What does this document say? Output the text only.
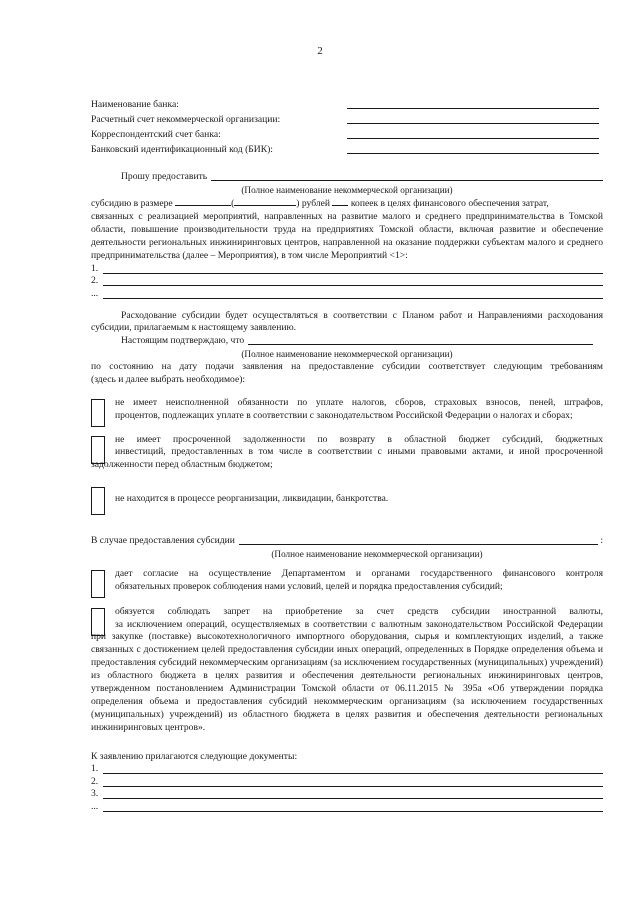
2
Наименование банка:
Расчетный счет некоммерческой организации:
Корреспондентский счет банка:
Банковский идентификационный код (БИК):
Прошу предоставить
(Полное наименование некоммерческой организации)
субсидию в размере	(	) рублей копеек в целях финансового обеспечения затрат,
связанных с реализацией мероприятий, направленных на развитие малого и среднего предпринимательства в Томской области, повышение производительности труда на предприятиях Томской области, включая развитие и обеспечение деятельности региональных инжиниринговых центров, направленной на оказание поддержки субъектам малого и среднего предпринимательства (далее – Мероприятия), в том числе Мероприятий <1>:
1.
2.
...
Расходование субсидии будет осуществляться в соответствии с Планом работ и Направлениями расходования субсидии, прилагаемым к настоящему заявлению.
Настоящим подтверждаю, что
(Полное наименование некоммерческой организации)
по состоянию на дату подачи заявления на предоставление субсидии соответствует следующим требованиям
(здесь и далее выбрать необходимое):
не имеет неисполненной обязанности по уплате налогов, сборов, страховых взносов, пеней, штрафов,
процентов, подлежащих уплате в соответствии с законодательством Российской Федерации о налогах и сборах;
не имеет просроченной задолженности по возврату в областной бюджет субсидий, бюджетных
инвестиций, предоставленных в том числе в соответствии с иными правовыми актами, и иной просроченной задолженности перед областным бюджетом;
не находится в процессе реорганизации, ликвидации, банкротства.
В случае предоставления субсидии	:
(Полное наименование некоммерческой организации)
дает согласие на осуществление Департаментом и органами государственного финансового контроля
обязательных проверок соблюдения нами условий, целей и порядка предоставления субсидий;
обязуется соблюдать запрет на приобретение за счет средств субсидии иностранной валюты,
за исключением операций, осуществляемых в соответствии с валютным законодательством Российской Федерации при закупке (поставке) высокотехнологичного импортного оборудования, сырья и комплектующих изделий, а также связанных с достижением целей предоставления субсидии иных операций, определенных в Порядке определения объема и предоставления субсидий некоммерческим организациям (за исключением государственных (муниципальных) учреждений) из областного бюджета в целях развития и обеспечения деятельности региональных инжиниринговых центров, утвержденном постановлением Администрации Томской области от 06.11.2015 № 395а «Об утверждении порядка определения объема и предоставления субсидий некоммерческим организациям (за исключением государственных (муниципальных) учреждений) из областного бюджета в целях развития и обеспечения деятельности региональных инжиниринговых центров».
К заявлению прилагаются следующие документы:
1.
2.
3.
...
